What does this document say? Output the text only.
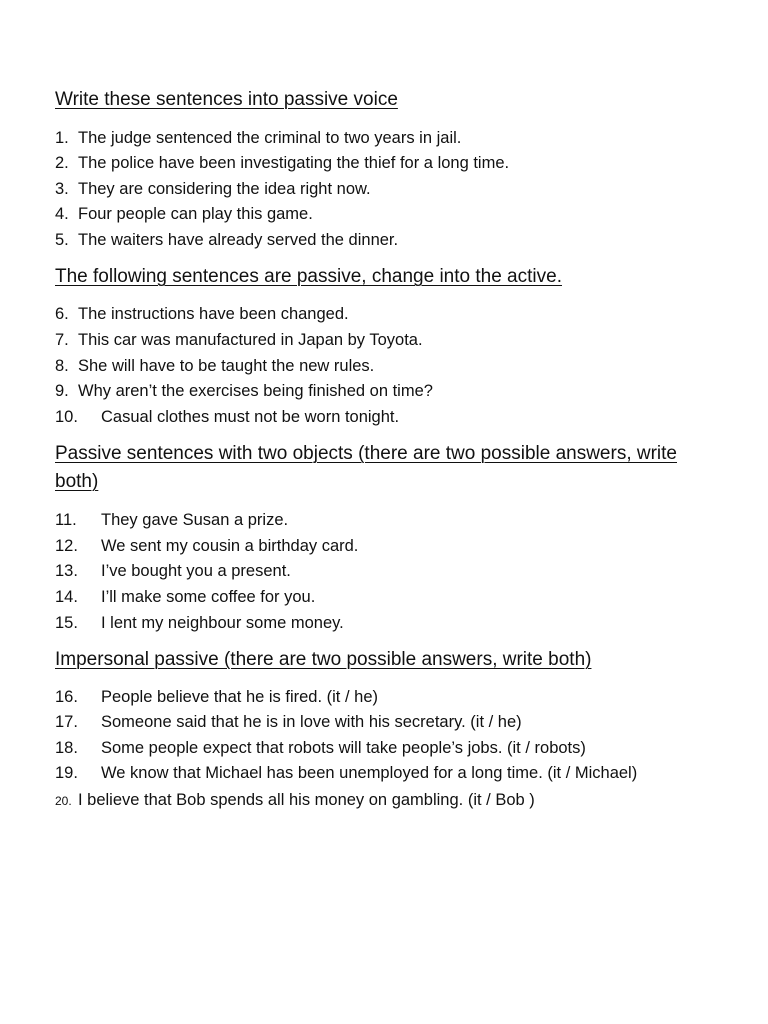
Write these sentences into passive voice
1. The judge sentenced the criminal to two years in jail.
2. The police have been investigating the thief for a long time.
3. They are considering the idea right now.
4. Four people can play this game.
5. The waiters have already served the dinner.
The following sentences are passive, change into the active.
6. The instructions have been changed.
7. This car was manufactured in Japan by Toyota.
8. She will have to be taught the new rules.
9. Why aren’t the exercises being finished on time?
10. Casual clothes must not be worn tonight.
Passive sentences with two objects (there are two possible answers, write both)
11. They gave Susan a prize.
12. We sent my cousin a birthday card.
13. I’ve bought you a present.
14. I’ll make some coffee for you.
15. I lent my neighbour some money.
Impersonal passive (there are two possible answers, write both)
16. People believe that he is fired. (it / he)
17. Someone said that he is in love with his secretary. (it / he)
18. Some people expect that robots will take people’s jobs. (it / robots)
19. We know that Michael has been unemployed for a long time. (it / Michael)
20. I believe that Bob spends all his money on gambling. (it / Bob )
